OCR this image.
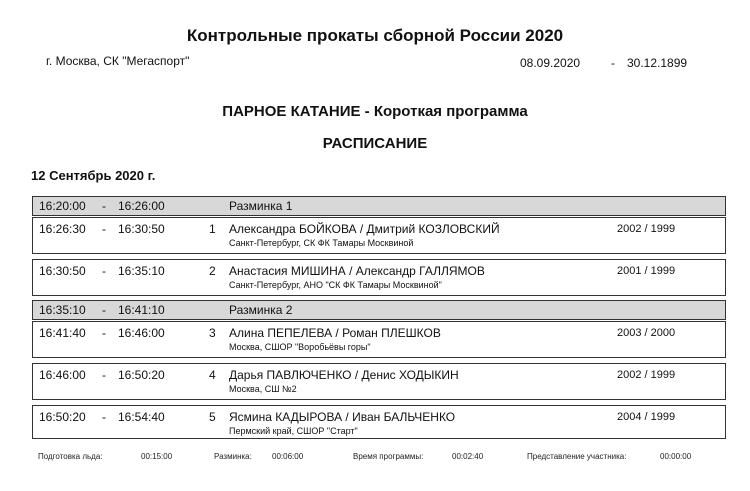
Контрольные прокаты сборной России 2020
г. Москва, СК "Мегаспорт"	08.09.2020	- 30.12.1899
ПАРНОЕ КАТАНИЕ - Короткая программа
РАСПИСАНИЕ
12 Сентябрь 2020 г.
16:20:00 - 16:26:00	Разминка 1
16:26:30 - 16:30:50	1 Александра БОЙКОВА / Дмитрий КОЗЛОВСКИЙ
Санкт-Петербург, СК ФК Тамары Москвиной
2002 / 1999
16:30:50 - 16:35:10	2 Анастасия МИШИНА / Александр ГАЛЛЯМОВ
Санкт-Петербург, АНО "СК ФК Тамары Москвиной"
2001 / 1999
16:35:10 - 16:41:10	Разминка 2
16:41:40 - 16:46:00	3 Алина ПЕПЕЛЕВА / Роман ПЛЕШКОВ
Москва, СШОР "Воробьёвы горы"
2003 / 2000
16:46:00 - 16:50:20	4 Дарья ПАВЛЮЧЕНКО / Денис ХОДЫКИН
Москва, СШ №2
2002 / 1999
16:50:20 - 16:54:40	5 Ясмина КАДЫРОВА / Иван БАЛЬЧЕНКО
Пермский край, СШОР "Старт"
2004 / 1999
Подготовка льда:	00:15:00	Разминка:	00:06:00	Время программы:	00:02:40	Представление участника:	00:00:00
